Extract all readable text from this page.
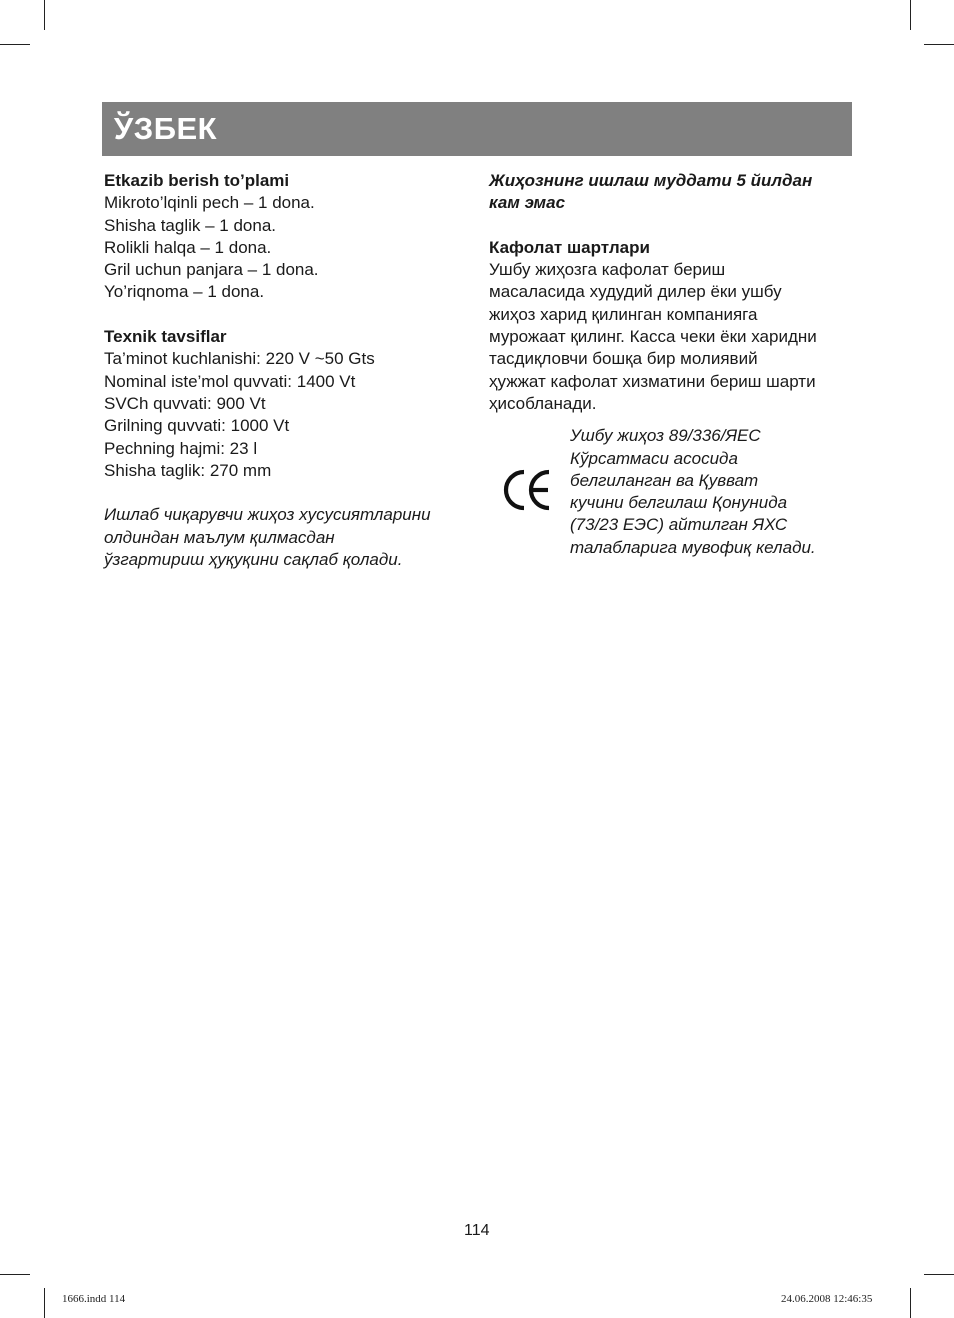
ЎЗБЕК
Etkazib berish to’plami
Mikroto’lqinli pech – 1 dona.
Shisha taglik – 1 dona.
Rolikli halqa – 1 dona.
Gril uchun panjara – 1 dona.
Yo’riqnoma – 1 dona.
Texnik tavsiflar
Ta’minot kuchlanishi: 220 V ~50 Gts
Nominal iste’mol quvvati: 1400 Vt
SVCh quvvati: 900 Vt
Grilning quvvati: 1000 Vt
Pechning hajmi: 23 l
Shisha taglik: 270 mm
Ишлаб чиқарувчи жиҳоз хусусиятларини
олдиндан маълум қилмасдан
ўзгартириш ҳуқуқини сақлаб қолади.
Жиҳознинг ишлаш муддати 5 йилдан
кам эмас
Кафолат шартлари
Ушбу жиҳозга кафолат бериш
масаласида худудий дилер ёки ушбу
жиҳоз харид қилинган компанияга
мурожаат қилинг. Касса чеки ёки харидни
тасдиқловчи бошқа бир молиявий
ҳужжат кафолат хизматини бериш шарти
ҳисобланади.
Ушбу жиҳоз 89/336/ЯЕС
Кўрсатмаси асосида
белгиланган ва Қувват
кучини белгилаш Қонунида
(73/23 ЕЭС) айтилган ЯХС
талабларига мувофиқ келади.
114
1666.indd 114	24.06.2008 12:46:35
